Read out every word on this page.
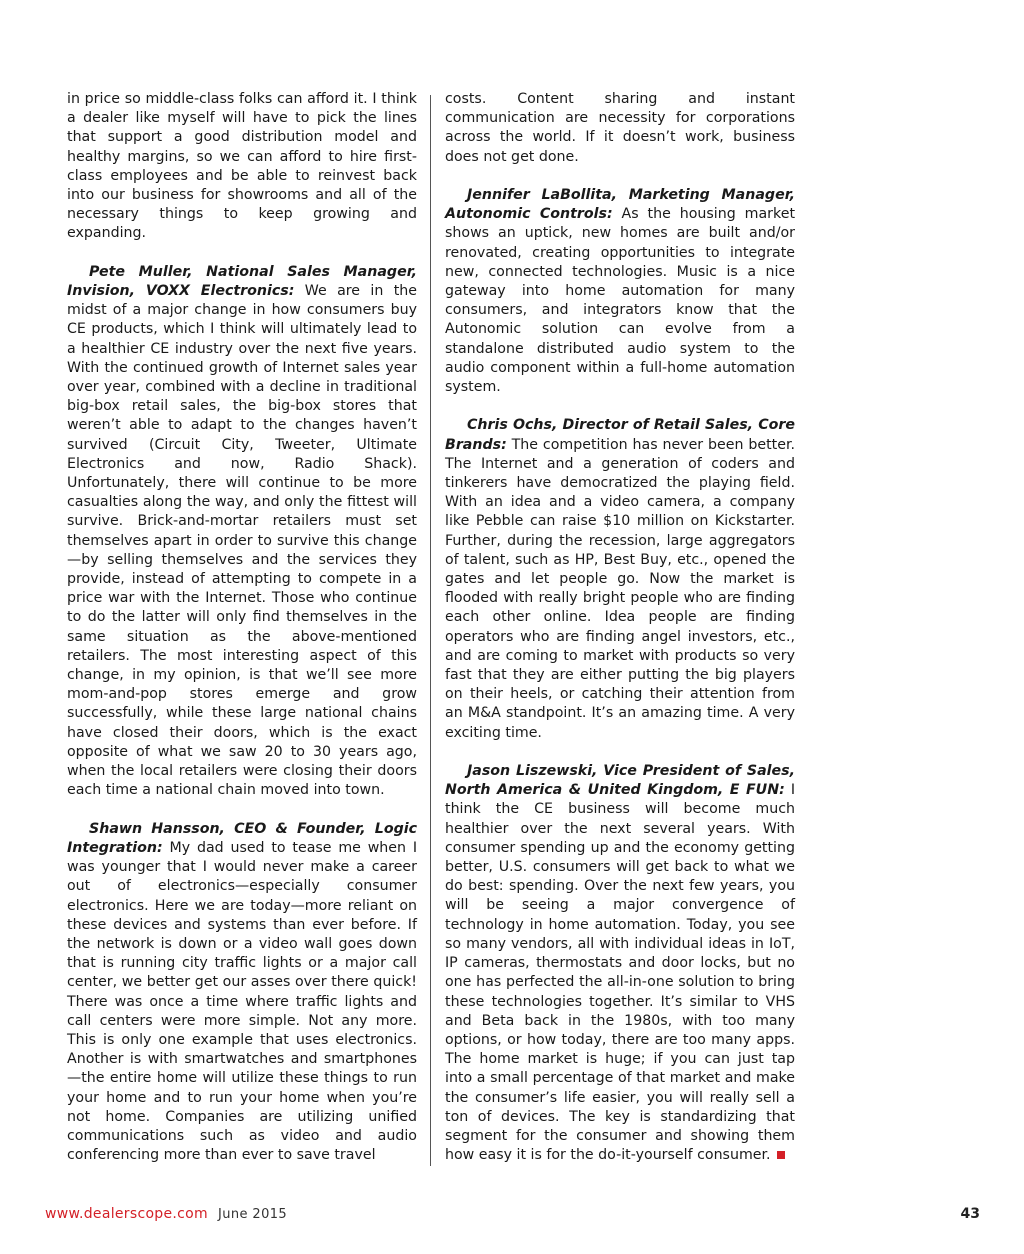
in price so middle-class folks can afford it. I think a dealer like myself will have to pick the lines that support a good distribution model and healthy margins, so we can afford to hire first-class employees and be able to reinvest back into our business for showrooms and all of the necessary things to keep growing and expanding.

Pete Muller, National Sales Manager, Invision, VOXX Electronics: We are in the midst of a major change in how consumers buy CE products, which I think will ultimately lead to a healthier CE industry over the next five years. With the continued growth of Internet sales year over year, combined with a decline in traditional big-box retail sales, the big-box stores that weren’t able to adapt to the changes haven’t survived (Circuit City, Tweeter, Ultimate Electronics and now, Radio Shack). Unfortunately, there will continue to be more casualties along the way, and only the fittest will survive. Brick-and-mortar retailers must set themselves apart in order to survive this change—by selling themselves and the services they provide, instead of attempting to compete in a price war with the Internet. Those who continue to do the latter will only find themselves in the same situation as the above-mentioned retailers. The most interesting aspect of this change, in my opinion, is that we’ll see more mom-and-pop stores emerge and grow successfully, while these large national chains have closed their doors, which is the exact opposite of what we saw 20 to 30 years ago, when the local retailers were closing their doors each time a national chain moved into town.

Shawn Hansson, CEO & Founder, Logic Integration: My dad used to tease me when I was younger that I would never make a career out of electronics—especially consumer electronics. Here we are today—more reliant on these devices and systems than ever before. If the network is down or a video wall goes down that is running city traffic lights or a major call center, we better get our asses over there quick! There was once a time where traffic lights and call centers were more simple. Not any more. This is only one example that uses electronics. Another is with smartwatches and smartphones—the entire home will utilize these things to run your home and to run your home when you’re not home. Companies are utilizing unified communications such as video and audio conferencing more than ever to save travel

costs. Content sharing and instant communication are necessity for corporations across the world. If it doesn’t work, business does not get done.

Jennifer LaBollita, Marketing Manager, Autonomic Controls: As the housing market shows an uptick, new homes are built and/or renovated, creating opportunities to integrate new, connected technologies. Music is a nice gateway into home automation for many consumers, and integrators know that the Autonomic solution can evolve from a standalone distributed audio system to the audio component within a full-home automation system.

Chris Ochs, Director of Retail Sales, Core Brands: The competition has never been better. The Internet and a generation of coders and tinkerers have democratized the playing field. With an idea and a video camera, a company like Pebble can raise $10 million on Kickstarter. Further, during the recession, large aggregators of talent, such as HP, Best Buy, etc., opened the gates and let people go. Now the market is flooded with really bright people who are finding each other online. Idea people are finding operators who are finding angel investors, etc., and are coming to market with products so very fast that they are either putting the big players on their heels, or catching their attention from an M&A standpoint. It’s an amazing time. A very exciting time.

Jason Liszewski, Vice President of Sales, North America & United Kingdom, E FUN: I think the CE business will become much healthier over the next several years. With consumer spending up and the economy getting better, U.S. consumers will get back to what we do best: spending. Over the next few years, you will be seeing a major convergence of technology in home automation. Today, you see so many vendors, all with individual ideas in IoT, IP cameras, thermostats and door locks, but no one has perfected the all-in-one solution to bring these technologies together. It’s similar to VHS and Beta back in the 1980s, with too many options, or how today, there are too many apps. The home market is huge; if you can just tap into a small percentage of that market and make the consumer’s life easier, you will really sell a ton of devices. The key is standardizing that segment for the consumer and showing them how easy it is for the do-it-yourself consumer.

www.dealerscope.com June 2015	43
